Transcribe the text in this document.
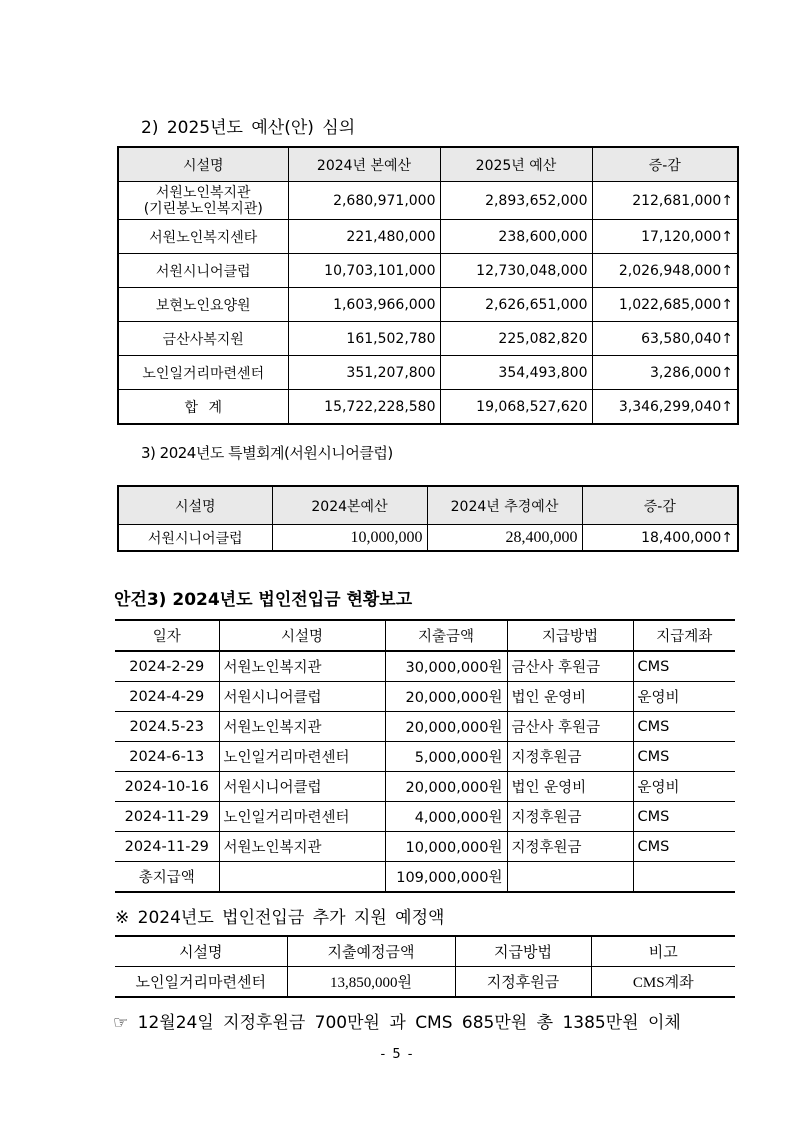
2) 2025년도 예산(안) 심의
시설명	2024년 본예산	2025년 예산	증-감

서원노인복지관
(기린봉노인복지관)	2,680,971,000	2,893,652,000	212,681,000↑
서원노인복지센타	221,480,000	238,600,000	17,120,000↑
서원시니어클럽	10,703,101,000	12,730,048,000	2,026,948,000↑
보현노인요양원	1,603,966,000	2,626,651,000	1,022,685,000↑
금산사복지원	161,502,780	225,082,820	63,580,040↑
노인일거리마련센터	351,207,800	354,493,800	3,286,000↑
합 계	15,722,228,580	19,068,527,620	3,346,299,040↑
3) 2024년도 특별회계(서원시니어클럽)
시설명	2024본예산	2024년 추경예산	증-감
서원시니어클럽	10,000,000	28,400,000	18,400,000↑
안건3) 2024년도 법인전입금 현황보고
일자	시설명	지출금액	지급방법	지급계좌
2024-2-29	서원노인복지관	30,000,000원	금산사 후원금	CMS
2024-4-29	서원시니어클럽	20,000,000원	법인 운영비	운영비
2024.5-23	서원노인복지관	20,000,000원	금산사 후원금	CMS
2024-6-13	노인일거리마련센터	5,000,000원	지정후원금	CMS
2024-10-16	서원시니어클럽	20,000,000원	법인 운영비	운영비
2024-11-29	노인일거리마련센터	4,000,000원	지정후원금	CMS
2024-11-29	서원노인복지관	10,000,000원	지정후원금	CMS
총지급액		109,000,000원		
※ 2024년도 법인전입금 추가 지원 예정액
시설명	지출예정금액	지급방법	비고
노인일거리마련센터	13,850,000원	지정후원금	CMS계좌
☞ 12월24일 지정후원금 700만원 과 CMS 685만원 총 1385만원 이체
- 5 -
